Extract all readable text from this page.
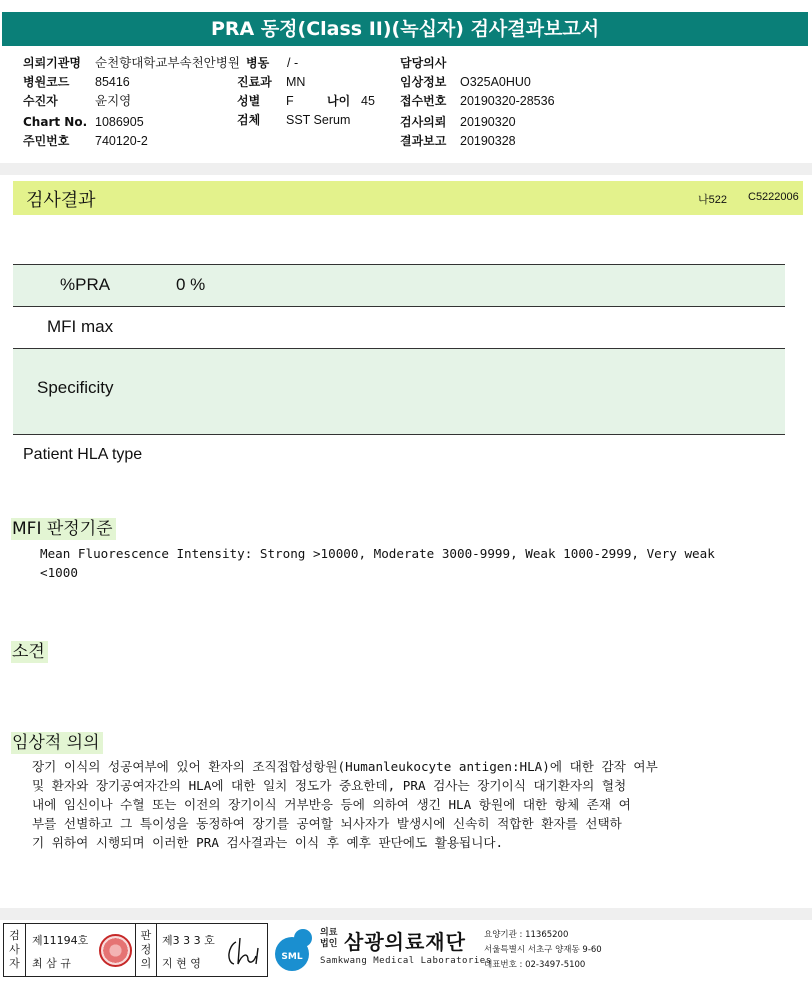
PRA 동정(Class II)(녹십자) 검사결과보고서
의뢰기관명 순천향대학교부속천안병원 병동 / -	담당의사
병원코드 85416	진료과 MN	임상정보 O325A0HU0
수진자	윤지영	성별 F	나이 45 접수번호 20190320-28536
Chart No. 1086905	검체 SST Serum	검사의뢰 20190320
주민번호 740120-2	결과보고 20190328
검사결과	나522 C5222006
%PRA	0 %
MFI max
Specificity
Patient HLA type
MFI 판정기준
Mean Fluorescence Intensity: Strong >10000, Moderate 3000-9999, Weak 1000-2999, Very weak
<1000
소견
임상적 의의
장기 이식의 성공여부에 있어 환자의 조직접합성항원(Humanleukocyte antigen:HLA)에 대한 감작 여부
및 환자와 장기공여자간의 HLA에 대한 일치 정도가 중요한데, PRA 검사는 장기이식 대기환자의 혈청
내에 임신이나 수혈 또는 이전의 장기이식 거부반응 등에 의하여 생긴 HLA 항원에 대한 항체 존재 여
부를 선별하고 그 특이성을 동정하여 장기를 공여할 뇌사자가 발생시에 신속히 적합한 환자를 선택하
기 위하여 시행되며 이러한 PRA 검사결과는 이식 후 예후 판단에도 활용됩니다.
검사자
제11194호
최 삼 규
판정의
제3 3 3 호
지 현 영	SML
의료법인 삼광의료재단
Samkwang Medical Laboratories
요양기관 : 11365200
서울특별시 서초구 양재동 9-60
대표번호 : 02-3497-5100
